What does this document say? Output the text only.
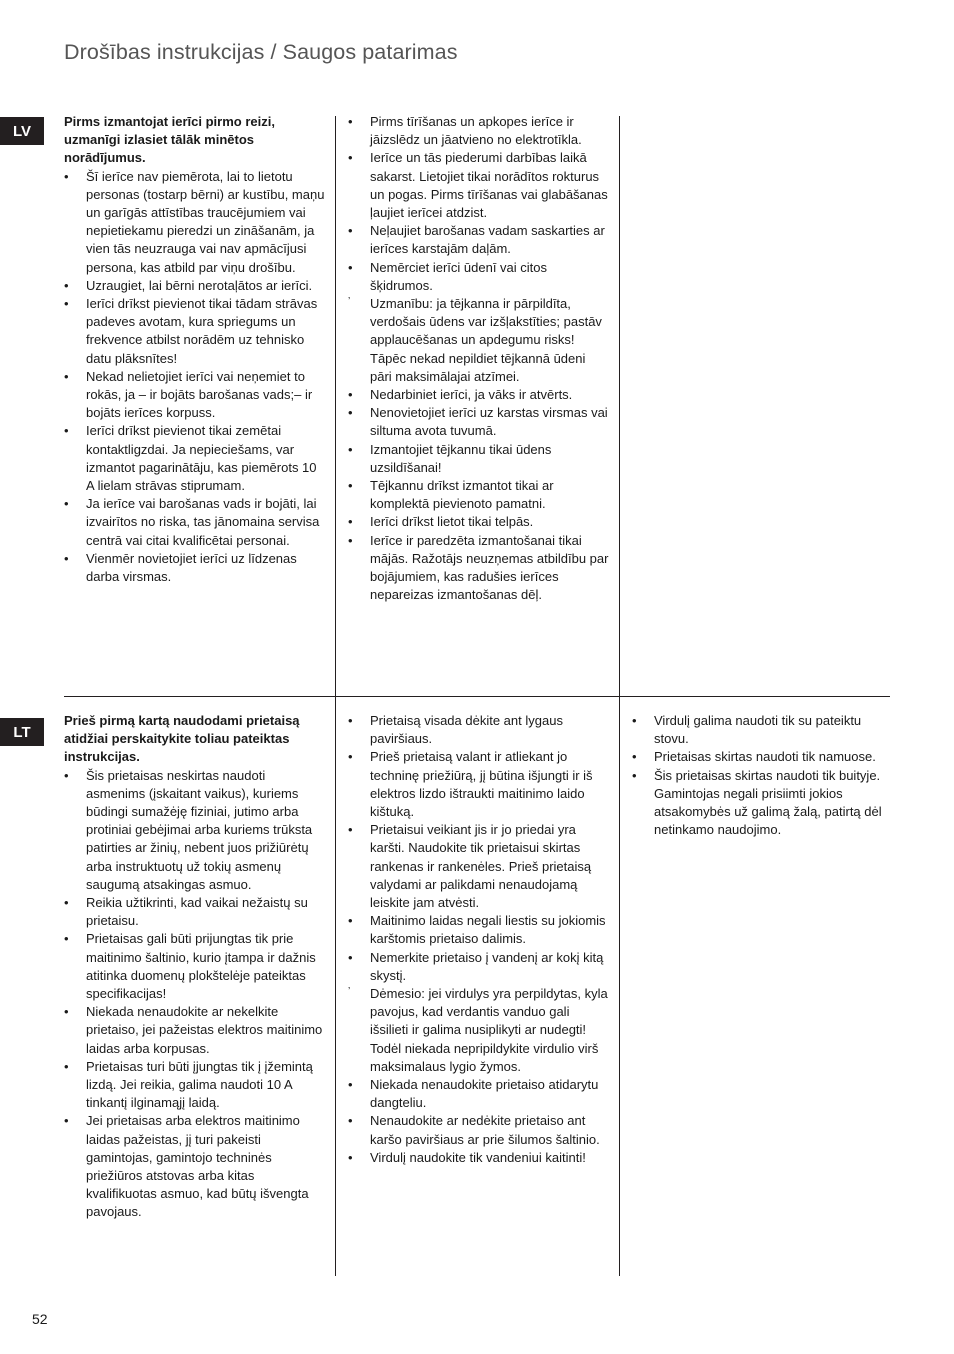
Drošības instrukcijas / Saugos patarimas
LV

Pirms izmantojat ierīci pirmo reizi, uzmanīgi izlasiet tālāk minētos norādījumus.

•	Šī ierīce nav piemērota, lai to lietotu personas (tostarp bērni) ar kustību, maņu un garīgās attīstības traucējumiem vai nepietiekamu pieredzi un zināšanām, ja vien tās neuzrauga vai nav apmācījusi persona, kas atbild par viņu drošību.
•	Uzraugiet, lai bērni nerotaļātos ar ierīci.
•	Ierīci drīkst pievienot tikai tādam strāvas padeves avotam, kura spriegums un frekvence atbilst norādēm uz tehnisko datu plāksnītes!
•	Nekad nelietojiet ierīci vai neņemiet to rokās, ja – ir bojāts barošanas vads;– ir bojāts ierīces korpuss.
•	Ierīci drīkst pievienot tikai zemētai kontaktligzdai. Ja nepieciešams, var izmantot pagarinātāju, kas piemērots 10 A lielam strāvas stiprumam.
•	Ja ierīce vai barošanas vads ir bojāti, lai izvairītos no riska, tas jānomaina servisa centrā vai citai kvalificētai personai.
•	Vienmēr novietojiet ierīci uz līdzenas darba virsmas.
•	Pirms tīrīšanas un apkopes ierīce ir jāizslēdz un jāatvieno no elektrotīkla.
•	Ierīce un tās piederumi darbības laikā sakarst. Lietojiet tikai norādītos rokturus un pogas. Pirms tīrīšanas vai glabāšanas ļaujiet ierīcei atdzist.
•	Neļaujiet barošanas vadam saskarties ar ierīces karstajām daļām.
•	Nemērciet ierīci ūdenī vai citos šķidrumos.
’	Uzmanību: ja tējkanna ir pārpildīta, verdošais ūdens var izšļakstīties; pastāv applaucēšanas un apdegumu risks! Tāpēc nekad nepildiet tējkannā ūdeni pāri maksimālajai atzīmei.
•	Nedarbiniet ierīci, ja vāks ir atvērts.
•	Nenovietojiet ierīci uz karstas virsmas vai siltuma avota tuvumā.
•	Izmantojiet tējkannu tikai ūdens uzsildīšanai!
•	Tējkannu drīkst izmantot tikai ar komplektā pievienoto pamatni.
•	Ierīci drīkst lietot tikai telpās.
•	Ierīce ir paredzēta izmantošanai tikai mājās. Ražotājs neuzņemas atbildību par bojājumiem, kas radušies ierīces nepareizas izmantošanas dēļ.
LT

Prieš pirmą kartą naudodami prietaisą atidžiai perskaitykite toliau pateiktas instrukcijas.

•	Šis prietaisas neskirtas naudoti asmenims (įskaitant vaikus), kuriems būdingi sumažėję fiziniai, jutimo arba protiniai gebėjimai arba kuriems trūksta patirties ar žinių, nebent juos prižiūrėtų arba instruktuotų už tokių asmenų saugumą atsakingas asmuo.
•	Reikia užtikrinti, kad vaikai nežaistų su prietaisu.
•	Prietaisas gali būti prijungtas tik prie maitinimo šaltinio, kurio įtampa ir dažnis atitinka duomenų plokštelėje pateiktas specifikacijas!
•	Niekada nenaudokite ar nekelkite prietaiso, jei pažeistas elektros maitinimo laidas arba korpusas.
•	Prietaisas turi būti įjungtas tik į įžemintą lizdą. Jei reikia, galima naudoti 10 A tinkantį ilginamąjį laidą.
•	Jei prietaisas arba elektros maitinimo laidas pažeistas, jį turi pakeisti gamintojas, gamintojo techninės priežiūros atstovas arba kitas kvalifikuotas asmuo, kad būtų išvengta pavojaus.
•	Prietaisą visada dėkite ant lygaus paviršiaus.
•	Prieš prietaisą valant ir atliekant jo techninę priežiūrą, jį būtina išjungti ir iš elektros lizdo ištraukti maitinimo laido kištuką.
•	Prietaisui veikiant jis ir jo priedai yra karšti. Naudokite tik prietaisui skirtas rankenas ir rankenėles. Prieš prietaisą valydami ar palikdami nenaudojamą leiskite jam atvėsti.
•	Maitinimo laidas negali liestis su jokiomis karštomis prietaiso dalimis.
•	Nemerkite prietaiso į vandenį ar kokį kitą skystį.
’	Dėmesio: jei virdulys yra perpildytas, kyla pavojus, kad verdantis vanduo gali išsilieti ir galima nusiplikyti ar nudegti! Todėl niekada nepripildykite virdulio virš maksimalaus lygio žymos.
•	Niekada nenaudokite prietaiso atidarytu dangteliu.
•	Nenaudokite ar nedėkite prietaiso ant karšo paviršiaus ar prie šilumos šaltinio.
•	Virdulį naudokite tik vandeniui kaitinti!
•	Virdulį galima naudoti tik su pateiktu stovu.
•	Prietaisas skirtas naudoti tik namuose.
•	Šis prietaisas skirtas naudoti tik buityje. Gamintojas negali prisiimti jokios atsakomybės už galimą žalą, patirtą dėl netinkamo naudojimo.
52
